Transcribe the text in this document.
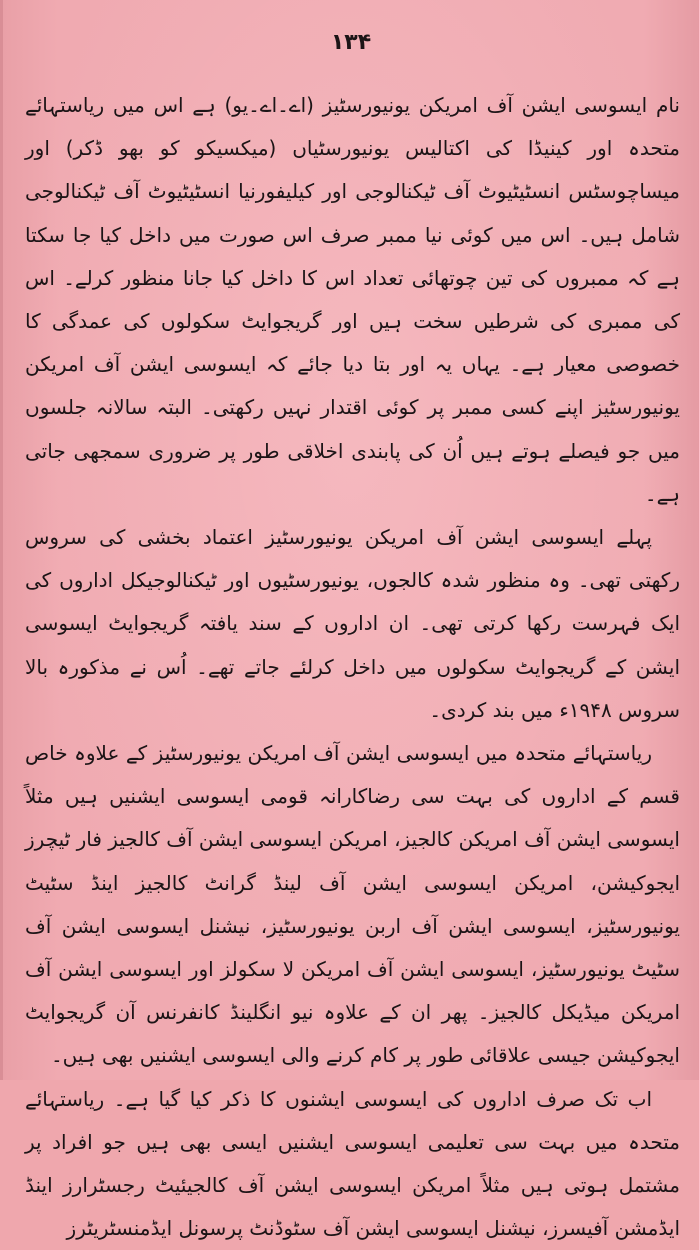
۱۳۴

نام ایسوسی ایشن آف امریکن یونیورسٹیز (اے۔اے۔یو) ہے اس میں ریاستہائے متحدہ اور کینیڈا کی اکتالیس یونیورسٹیاں (میکسیکو کو بھو ڈکر) اور میساچوسٹس انسٹیٹیوٹ آف ٹیکنالوجی اور کیلیفورنیا انسٹیٹیوٹ آف ٹیکنالوجی شامل ہیں۔ اس میں کوئی نیا ممبر صرف اس صورت میں داخل کیا جا سکتا ہے کہ ممبروں کی تین چوتھائی تعداد اس کا داخل کیا جانا منظور کرلے۔ اس کی ممبری کی شرطیں سخت ہیں اور گریجوایٹ سکولوں کی عمدگی کا خصوصی معیار ہے۔ یہاں یہ اور بتا دیا جائے کہ ایسوسی ایشن آف امریکن یونیورسٹیز اپنے کسی ممبر پر کوئی اقتدار نہیں رکھتی۔ البتہ سالانہ جلسوں میں جو فیصلے ہوتے ہیں اُن کی پابندی اخلاقی طور پر ضروری سمجھی جاتی ہے۔

پہلے ایسوسی ایشن آف امریکن یونیورسٹیز اعتماد بخشی کی سروس رکھتی تھی۔ وہ منظور شدہ کالجوں، یونیورسٹیوں اور ٹیکنالوجیکل اداروں کی ایک فہرست رکھا کرتی تھی۔ ان اداروں کے سند یافتہ گریجوایٹ ایسوسی ایشن کے گریجوایٹ سکولوں میں داخل کرلئے جاتے تھے۔ اُس نے مذکورہ بالا سروس ۱۹۴۸ء میں بند کردی۔

ریاستہائے متحدہ میں ایسوسی ایشن آف امریکن یونیورسٹیز کے علاوہ خاص قسم کے اداروں کی بہت سی رضاکارانہ قومی ایسوسی ایشنیں ہیں مثلاً ایسوسی ایشن آف امریکن کالجیز، امریکن ایسوسی ایشن آف کالجیز فار ٹیچرز ایجوکیشن، امریکن ایسوسی ایشن آف لینڈ گرانٹ کالجیز اینڈ سٹیٹ یونیورسٹیز، ایسوسی ایشن آف اربن یونیورسٹیز، نیشنل ایسوسی ایشن آف سٹیٹ یونیورسٹیز، ایسوسی ایشن آف امریکن لا سکولز اور ایسوسی ایشن آف امریکن میڈیکل کالجیز۔ پھر ان کے علاوہ نیو انگلینڈ کانفرنس آن گریجوایٹ ایجوکیشن جیسی علاقائی طور پر کام کرنے والی ایسوسی ایشنیں بھی ہیں۔

اب تک صرف اداروں کی ایسوسی ایشنوں کا ذکر کیا گیا ہے۔ ریاستہائے متحدہ میں بہت سی تعلیمی ایسوسی ایشنیں ایسی بھی ہیں جو افراد پر مشتمل ہوتی ہیں مثلاً امریکن ایسوسی ایشن آف کالجیئیٹ رجسٹرارز اینڈ ایڈمشن آفیسرز، نیشنل ایسوسی ایشن آف سٹوڈنٹ پرسونل ایڈمنسٹریٹرز
